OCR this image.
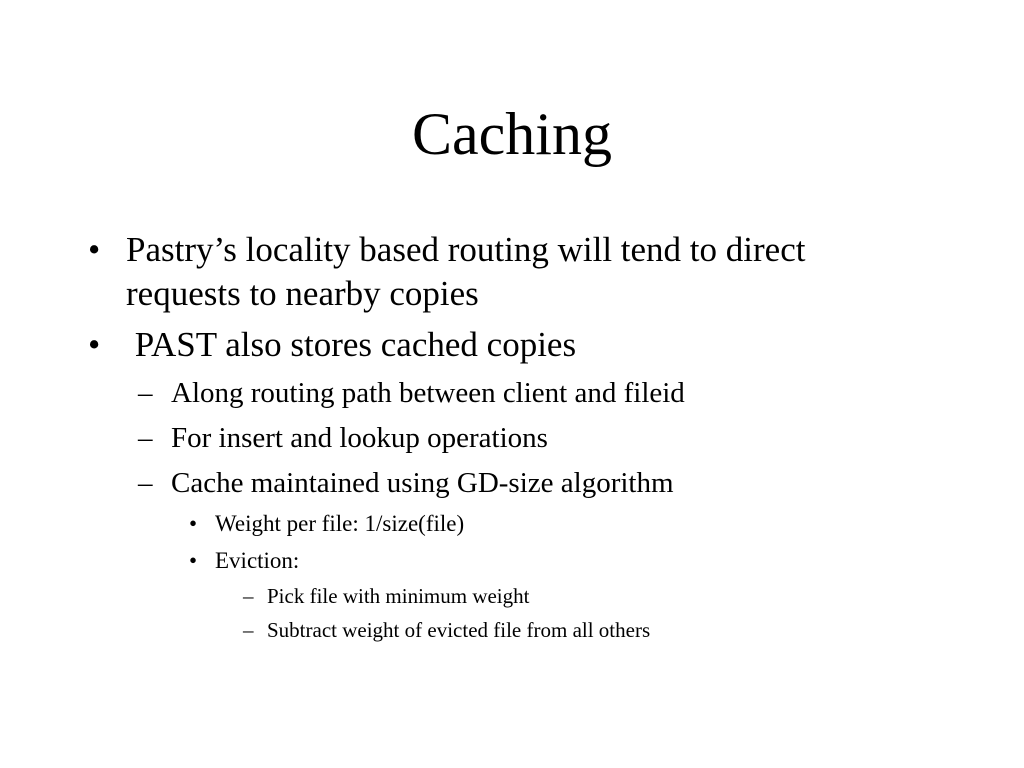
Caching
• Pastry’s locality based routing will tend to direct
requests to nearby copies
• PAST also stores cached copies
– Along routing path between client and fileid
– For insert and lookup operations
– Cache maintained using GD-size algorithm
• Weight per file: 1/size(file)
• Eviction:
– Pick file with minimum weight
– Subtract weight of evicted file from all others
